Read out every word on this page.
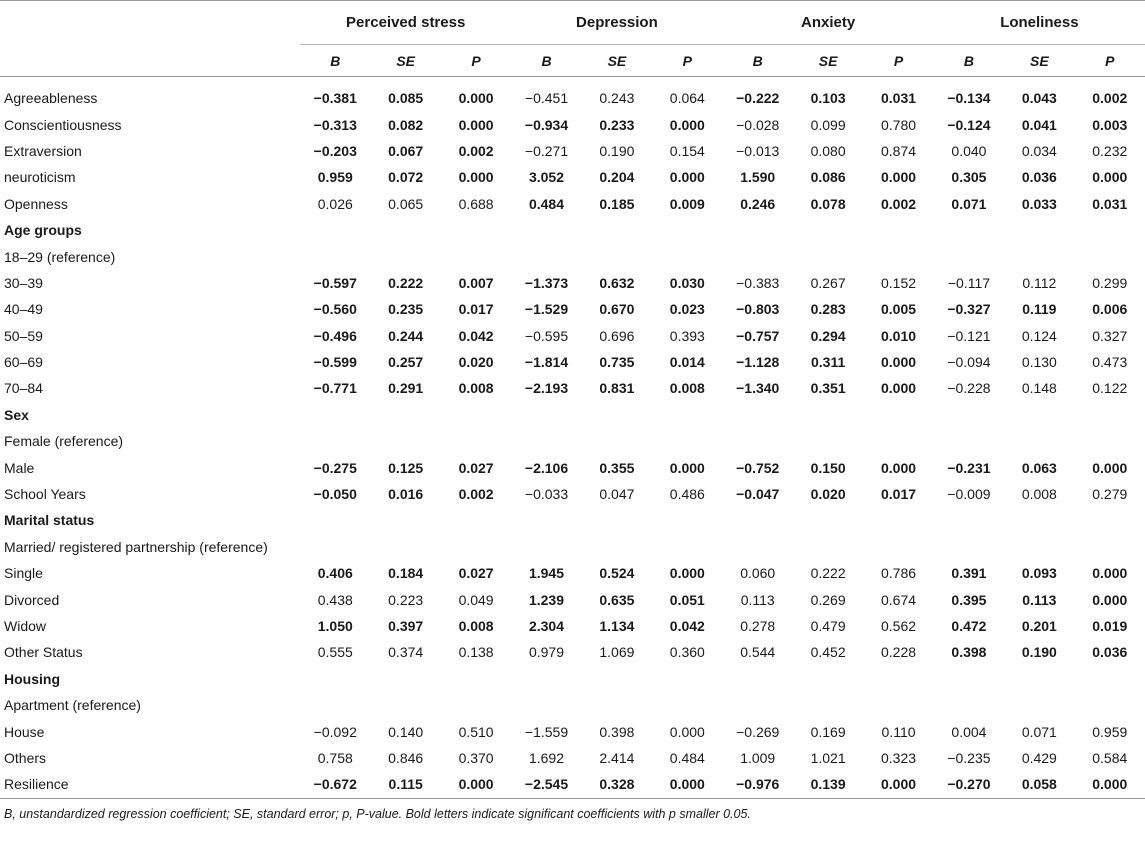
	Perceived stress			Depression			Anxiety			Loneliness		
	B	SE	P	B	SE	P	B	SE	P	B	SE	P

Agreeableness	−0.381	0.085	0.000	−0.451	0.243	0.064	−0.222	0.103	0.031	−0.134	0.043	0.002
Conscientiousness	−0.313	0.082	0.000	−0.934	0.233	0.000	−0.028	0.099	0.780	−0.124	0.041	0.003
Extraversion	−0.203	0.067	0.002	−0.271	0.190	0.154	−0.013	0.080	0.874	0.040	0.034	0.232
neuroticism	0.959	0.072	0.000	3.052	0.204	0.000	1.590	0.086	0.000	0.305	0.036	0.000
Openness	0.026	0.065	0.688	0.484	0.185	0.009	0.246	0.078	0.002	0.071	0.033	0.031
Age groups												
18–29 (reference)												
30–39	−0.597	0.222	0.007	−1.373	0.632	0.030	−0.383	0.267	0.152	−0.117	0.112	0.299
40–49	−0.560	0.235	0.017	−1.529	0.670	0.023	−0.803	0.283	0.005	−0.327	0.119	0.006
50–59	−0.496	0.244	0.042	−0.595	0.696	0.393	−0.757	0.294	0.010	−0.121	0.124	0.327
60–69	−0.599	0.257	0.020	−1.814	0.735	0.014	−1.128	0.311	0.000	−0.094	0.130	0.473
70–84	−0.771	0.291	0.008	−2.193	0.831	0.008	−1.340	0.351	0.000	−0.228	0.148	0.122
Sex												
Female (reference)												
Male	−0.275	0.125	0.027	−2.106	0.355	0.000	−0.752	0.150	0.000	−0.231	0.063	0.000
School Years	−0.050	0.016	0.002	−0.033	0.047	0.486	−0.047	0.020	0.017	−0.009	0.008	0.279
Marital status												
Married/ registered partnership (reference)												
Single	0.406	0.184	0.027	1.945	0.524	0.000	0.060	0.222	0.786	0.391	0.093	0.000
Divorced	0.438	0.223	0.049	1.239	0.635	0.051	0.113	0.269	0.674	0.395	0.113	0.000
Widow	1.050	0.397	0.008	2.304	1.134	0.042	0.278	0.479	0.562	0.472	0.201	0.019
Other Status	0.555	0.374	0.138	0.979	1.069	0.360	0.544	0.452	0.228	0.398	0.190	0.036
Housing												
Apartment (reference)												
House	−0.092	0.140	0.510	−1.559	0.398	0.000	−0.269	0.169	0.110	0.004	0.071	0.959
Others	0.758	0.846	0.370	1.692	2.414	0.484	1.009	1.021	0.323	−0.235	0.429	0.584
Resilience	−0.672	0.115	0.000	−2.545	0.328	0.000	−0.976	0.139	0.000	−0.270	0.058	0.000
B, unstandardized regression coefficient; SE, standard error; p, P-value. Bold letters indicate significant coefficients with p smaller 0.05.
